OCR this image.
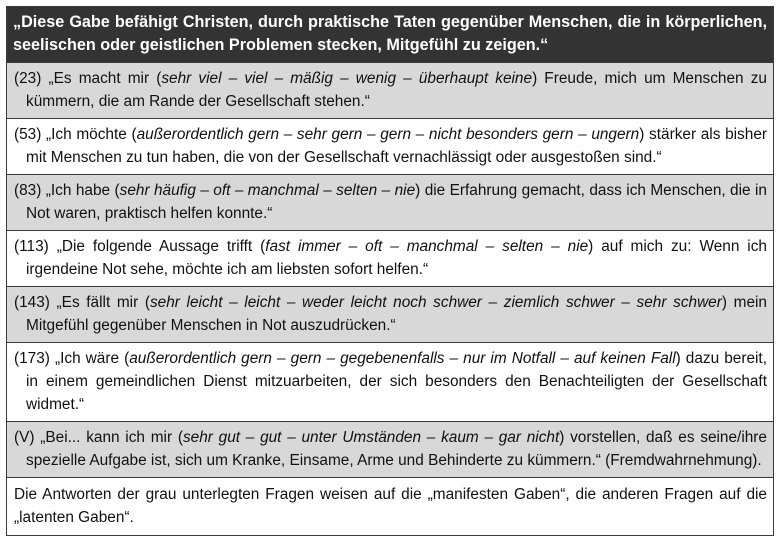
„Diese Gabe befähigt Christen, durch praktische Taten gegenüber Menschen, die in körperlichen, seelischen oder geistlichen Problemen stecken, Mitgefühl zu zeigen.“
(23) „Es macht mir (sehr viel – viel – mäßig – wenig – überhaupt keine) Freude, mich um Menschen zu kümmern, die am Rande der Gesellschaft stehen.“
(53) „Ich möchte (außerordentlich gern – sehr gern – gern – nicht besonders gern – ungern) stärker als bisher mit Menschen zu tun haben, die von der Gesellschaft vernachlässigt oder ausgestoßen sind.“
(83) „Ich habe (sehr häufig – oft – manchmal – selten – nie) die Erfahrung gemacht, dass ich Menschen, die in Not waren, praktisch helfen konnte.“
(113) „Die folgende Aussage trifft (fast immer – oft – manchmal – selten – nie) auf mich zu: Wenn ich irgendeine Not sehe, möchte ich am liebsten sofort helfen.“
(143) „Es fällt mir (sehr leicht – leicht – weder leicht noch schwer – ziemlich schwer – sehr schwer) mein Mitgefühl gegenüber Menschen in Not auszudrücken.“
(173) „Ich wäre (außerordentlich gern – gern – gegebenenfalls – nur im Notfall – auf keinen Fall) dazu bereit, in einem gemeindlichen Dienst mitzuarbeiten, der sich besonders den Benachteiligten der Gesellschaft widmet.“
(V) „Bei... kann ich mir (sehr gut – gut – unter Umständen – kaum – gar nicht) vorstellen, daß es seine/ihre spezielle Aufgabe ist, sich um Kranke, Einsame, Arme und Behinderte zu kümmern.“ (Fremdwahrnehmung).
Die Antworten der grau unterlegten Fragen weisen auf die „manifesten Gaben“, die anderen Fragen auf die „latenten Gaben“.
